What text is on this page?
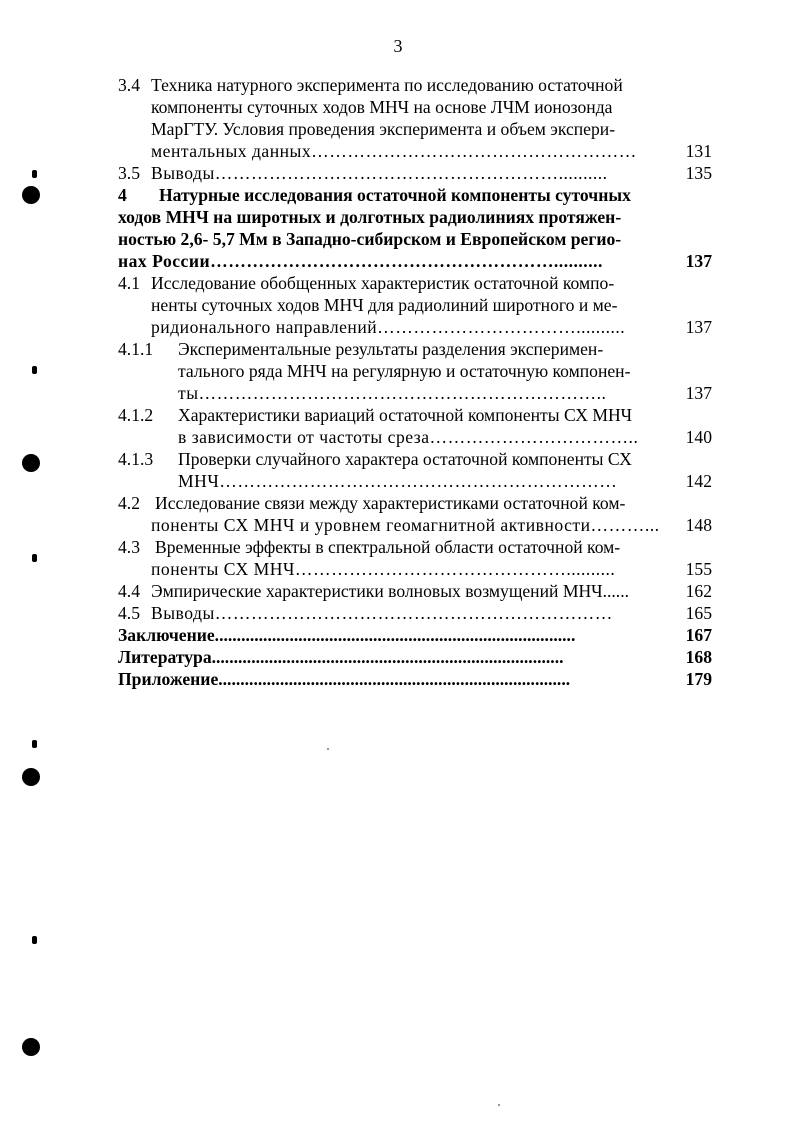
3
3.4 Техника натурного эксперимента по исследованию остаточной
компоненты суточных ходов МНЧ на основе ЛЧМ ионозонда
МарГТУ. Условия проведения эксперимента и объем экспери-
ментальных данных………………………………………………	131
3.5 Выводы…………………………………………………..........	135
4	Натурные исследования остаточной компоненты суточных
ходов МНЧ на широтных и долготных радиолиниях протяжен-
ностью 2,6- 5,7 Мм в Западно-сибирском и Европейском регио-
нах России…………………………………………………..........	137
4.1 Исследование обобщенных характеристик остаточной компо-
ненты суточных ходов МНЧ для радиолиний широтного и ме-
ридионального направлений……………………………..........	137
4.1.1	Экспериментальные результаты разделения эксперимен-
тального ряда МНЧ на регулярную и остаточную компонен-
ты…………………………………………………………..	137
4.1.2	Характеристики вариаций остаточной компоненты СХ МНЧ
в зависимости от частоты среза……………………………..	140
4.1.3	Проверки случайного характера остаточной компоненты СХ
МНЧ…………………………………………………………	142
4.2 Исследование связи между характеристиками остаточной ком-
поненты СХ МНЧ и уровнем геомагнитной активности………...	148
4.3 Временные эффекты в спектральной области остаточной ком-
поненты СХ МНЧ………………………………………..........	155
4.4 Эмпирические характеристики волновых возмущений МНЧ......	162
4.5 Выводы…………………………………………………………	165
Заключение..................................................................................	167
Литература................................................................................	168
Приложение................................................................................	179
